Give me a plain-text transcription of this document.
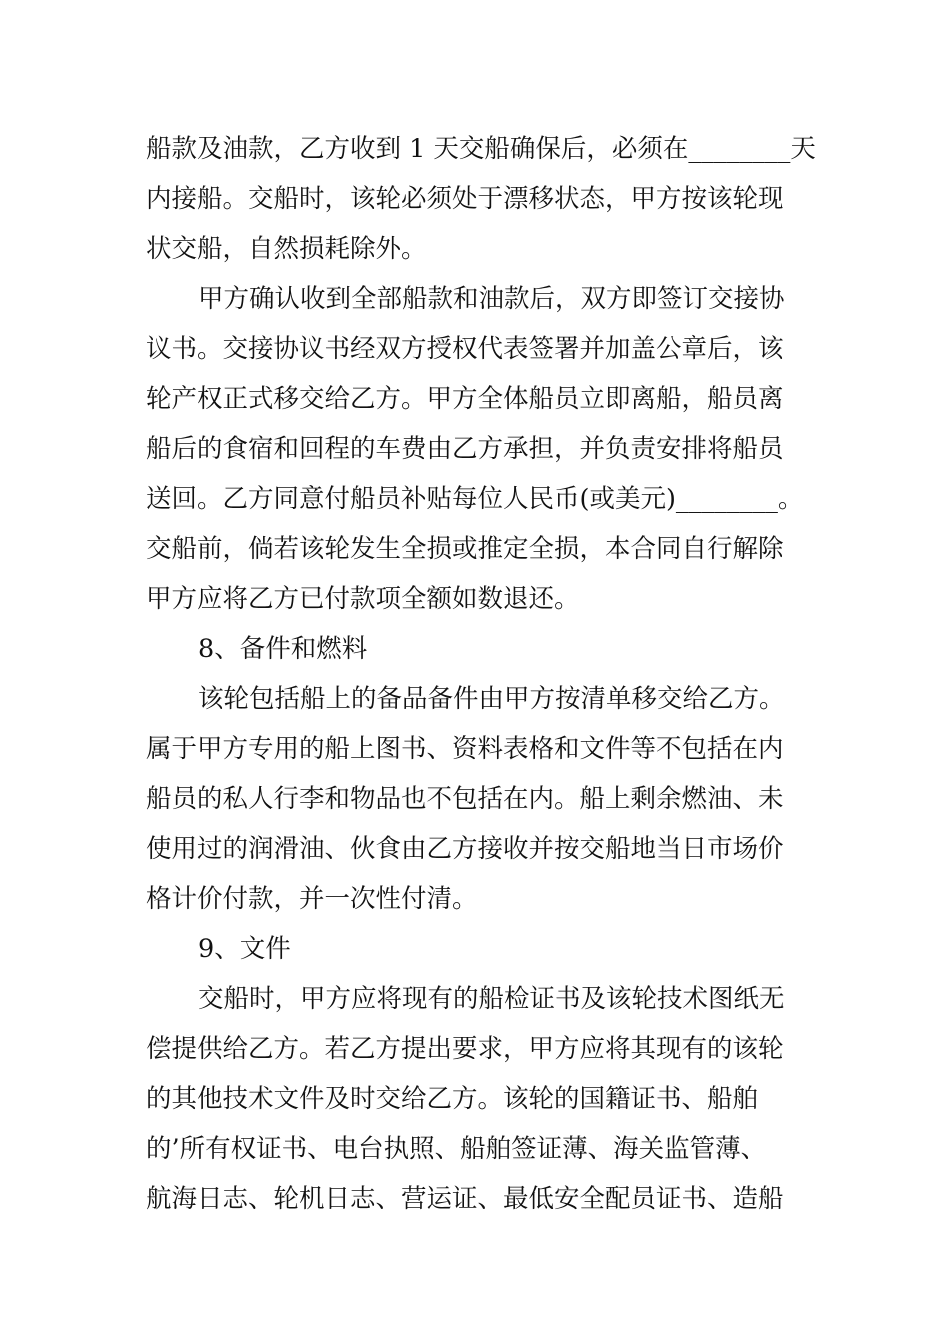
船款及油款，乙方收到 1 天交船确保后，必须在________天
内接船。交船时，该轮必须处于漂移状态，甲方按该轮现
状交船，自然损耗除外。
甲方确认收到全部船款和油款后，双方即签订交接协
议书。交接协议书经双方授权代表签署并加盖公章后，该
轮产权正式移交给乙方。甲方全体船员立即离船，船员离
船后的食宿和回程的车费由乙方承担，并负责安排将船员
送回。乙方同意付船员补贴每位人民币(或美元)________。
交船前，倘若该轮发生全损或推定全损，本合同自行解除
甲方应将乙方已付款项全额如数退还。
8、备件和燃料
该轮包括船上的备品备件由甲方按清单移交给乙方。
属于甲方专用的船上图书、资料表格和文件等不包括在内
船员的私人行李和物品也不包括在内。船上剩余燃油、未
使用过的润滑油、伙食由乙方接收并按交船地当日市场价
格计价付款，并一次性付清。
9、文件
交船时，甲方应将现有的船检证书及该轮技术图纸无
偿提供给乙方。若乙方提出要求，甲方应将其现有的该轮
的其他技术文件及时交给乙方。该轮的国籍证书、船舶
的’所有权证书、电台执照、船舶签证薄、海关监管薄、
航海日志、轮机日志、营运证、最低安全配员证书、造船
